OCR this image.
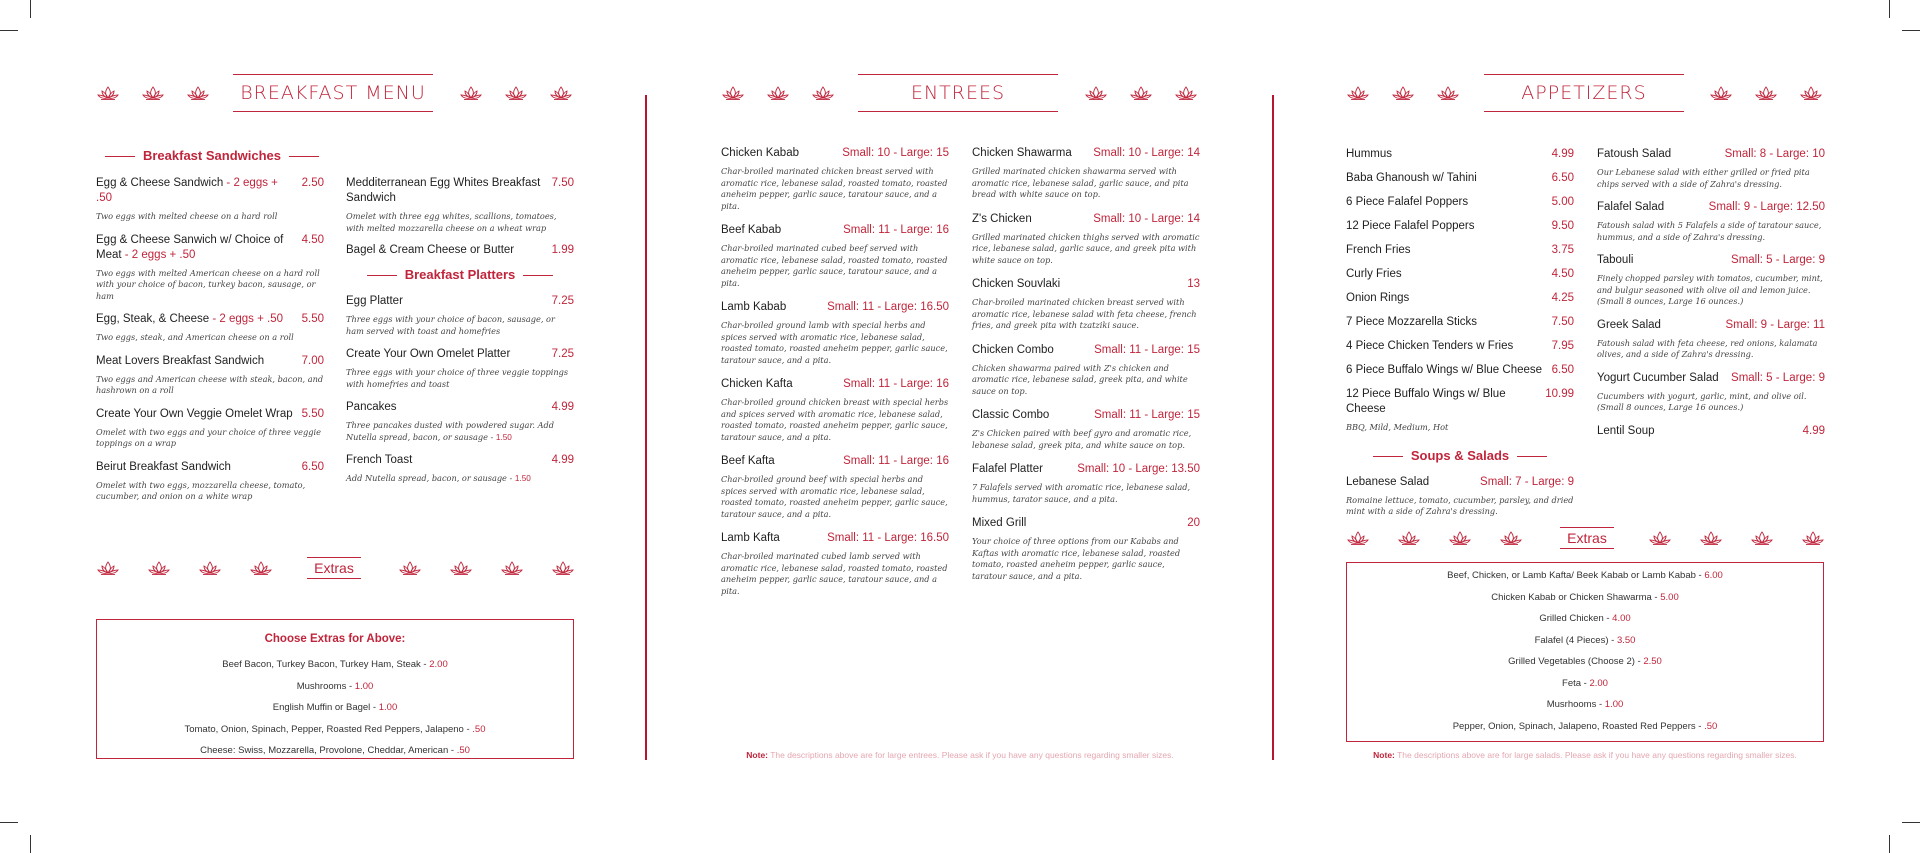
BREAKFAST MENU
Breakfast Sandwiches
Egg & Cheese Sandwich - 2 eggs + .50
2.50
Two eggs with melted cheese on a hard roll
Egg & Cheese Sanwich w/ Choice of Meat - 2 eggs + .50
4.50
Two eggs with melted American cheese on a hard roll with your choice of bacon, turkey bacon, sausage, or ham
Egg, Steak, & Cheese - 2 eggs + .50	5.50
Two eggs, steak, and American cheese on a roll
Meat Lovers Breakfast Sandwich	7.00
Two eggs and American cheese with steak, bacon, and hashrown on a roll
Create Your Own Veggie Omelet Wrap 5.50
Omelet with two eggs and your choice of three veggie toppings on a wrap
Beirut Breakfast Sandwich	6.50
Omelet with two eggs, mozzarella cheese, tomato, cucumber, and onion on a white wrap
Medditerranean Egg Whites Breakfast Sandwich
7.50
Omelet with three egg whites, scallions, tomatoes, with melted mozzarella cheese on a wheat wrap
Bagel & Cream Cheese or Butter	1.99
Breakfast Platters
Egg Platter	7.25
Three eggs with your choice of bacon, sausage, or ham served with toast and homefries
Create Your Own Omelet Platter	7.25
Three eggs with your choice of three veggie toppings with homefries and toast
Pancakes	4.99
Three pancakes dusted with powdered sugar. Add Nutella spread, bacon, or sausage - 1.50
French Toast	4.99
Add Nutella spread, bacon, or sausage - 1.50
Extras
Choose Extras for Above:
Beef Bacon, Turkey Bacon, Turkey Ham, Steak - 2.00
Mushrooms - 1.00
English Muffin or Bagel - 1.00
Tomato, Onion, Spinach, Pepper, Roasted Red Peppers, Jalapeno - .50
Cheese: Swiss, Mozzarella, Provolone, Cheddar, American - .50
ENTREES
Chicken Kabab	Small: 10 - Large: 15
Char-broiled marinated chicken breast served with aromatic rice, lebanese salad, roasted tomato, roasted aneheim pepper, garlic sauce, taratour sauce, and a pita.
Beef Kabab	Small: 11 - Large: 16
Char-broiled marinated cubed beef served with aromatic rice, lebanese salad, roasted tomato, roasted aneheim pepper, garlic sauce, taratour sauce, and a pita.
Lamb Kabab	Small: 11 - Large: 16.50
Char-broiled ground lamb with special herbs and spices served with aromatic rice, lebanese salad, roasted tomato, roasted aneheim pepper, garlic sauce, taratour sauce, and a pita.
Chicken Kafta	Small: 11 - Large: 16
Char-broiled ground chicken breast with special herbs and spices served with aromatic rice, lebanese salad, roasted tomato, roasted aneheim pepper, garlic sauce, taratour sauce, and a pita.
Beef Kafta	Small: 11 - Large: 16
Char-broiled ground beef with special herbs and spices served with aromatic rice, lebanese salad, roasted tomato, roasted aneheim pepper, garlic sauce, taratour sauce, and a pita.
Lamb Kafta	Small: 11 - Large: 16.50
Char-broiled marinated cubed lamb served with aromatic rice, lebanese salad, roasted tomato, roasted aneheim pepper, garlic sauce, taratour sauce, and a pita.
Chicken Shawarma	Small: 10 - Large: 14
Grilled marinated chicken shawarma served with aromatic rice, lebanese salad, garlic sauce, and pita bread with white sauce on top.
Z's Chicken	Small: 10 - Large: 14
Grilled marinated chicken thighs served with aromatic rice, lebanese salad, garlic sauce, and greek pita with white sauce on top.
Chicken Souvlaki	13
Char-broiled marinated chicken breast served with aromatic rice, lebanese salad with feta cheese, french fries, and greek pita with tzatziki sauce.
Chicken Combo	Small: 11 - Large: 15
Chicken shawarma paired with Z's chicken and aromatic rice, lebanese salad, greek pita, and white sauce on top.
Classic Combo	Small: 11 - Large: 15
Z's Chicken paired with beef gyro and aromatic rice, lebanese salad, greek pita, and white sauce on top.
Falafel Platter	Small: 10 - Large: 13.50
7 Falafels served with aromatic rice, lebanese salad, hummus, tarator sauce, and a pita.
Mixed Grill	20
Your choice of three options from our Kababs and Kaftas with aromatic rice, lebanese salad, roasted tomato, roasted aneheim pepper, garlic sauce, taratour sauce, and a pita.
Note: The descriptions above are for large entrees. Please ask if you have any questions regarding smaller sizes.
APPETIZERS
Hummus	4.99
Baba Ghanoush w/ Tahini	6.50
6 Piece Falafel Poppers	5.00
12 Piece Falafel Poppers	9.50
French Fries	3.75
Curly Fries	4.50
Onion Rings	4.25
7 Piece Mozzarella Sticks	7.50
4 Piece Chicken Tenders w Fries	7.95
6 Piece Buffalo Wings w/ Blue Cheese 6.50
12 Piece Buffalo Wings w/ Blue Cheese
10.99
BBQ, Mild, Medium, Hot
Soups & Salads
Lebanese Salad	Small: 7 - Large: 9
Romaine lettuce, tomato, cucumber, parsley, and dried mint with a side of Zahra's dressing.
Fatoush Salad	Small: 8 - Large: 10
Our Lebanese salad with either grilled or fried pita chips served with a side of Zahra's dressing.
Falafel Salad	Small: 9 - Large: 12.50
Fatoush salad with 5 Falafels a side of taratour sauce, hummus, and a side of Zahra's dressing.
Tabouli	Small: 5 - Large: 9
Finely chopped parsley with tomatos, cucumber, mint, and bulgur seasoned with olive oil and lemon juice. (Small 8 ounces, Large 16 ounces.)
Greek Salad	Small: 9 - Large: 11
Fatoush salad with feta cheese, red onions, kalamata olives, and a side of Zahra's dressing.
Yogurt Cucumber Salad	Small: 5 - Large: 9
Cucumbers with yogurt, garlic, mint, and olive oil. (Small 8 ounces, Large 16 ounces.)
Lentil Soup	4.99
Extras
Beef, Chicken, or Lamb Kafta/ Beek Kabab or Lamb Kabab - 6.00
Chicken Kabab or Chicken Shawarma - 5.00
Grilled Chicken - 4.00
Falafel (4 Pieces) - 3.50
Grilled Vegetables (Choose 2) - 2.50
Feta - 2.00
Musrhooms - 1.00
Pepper, Onion, Spinach, Jalapeno, Roasted Red Peppers - .50
Note: The descriptions above are for large salads. Please ask if you have any questions regarding smaller sizes.
